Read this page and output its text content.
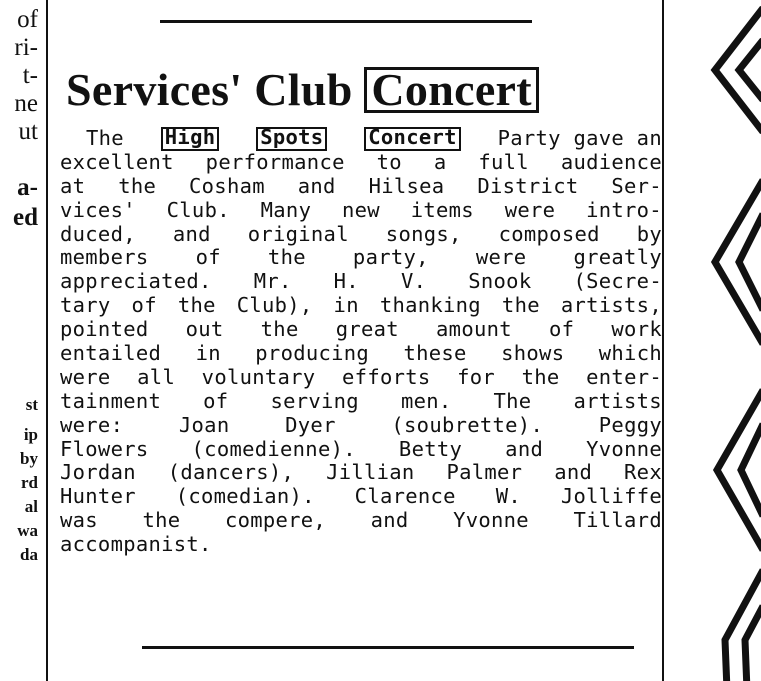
of
ri-
t-
ne
ut
a-
ed
st
ip
by
rd
al
wa
da
Services' Club Concert
The High Spots Concert Party gave an
excellent performance to a full audience
at the Cosham and Hilsea District Ser-
vices' Club. Many new items were intro-
duced, and original songs, composed by
members of the party, were greatly
appreciated. Mr. H. V. Snook (Secre-
tary of the Club), in thanking the artists,
pointed out the great amount of work
entailed in producing these shows which
were all voluntary efforts for the enter-
tainment of serving men. The artists
were:	Joan	Dyer	(soubrette).	Peggy
Flowers (comedienne). Betty and Yvonne
Jordan (dancers), Jillian Palmer and Rex
Hunter (comedian). Clarence W. Jolliffe
was the compere, and Yvonne Tillard
accompanist.
